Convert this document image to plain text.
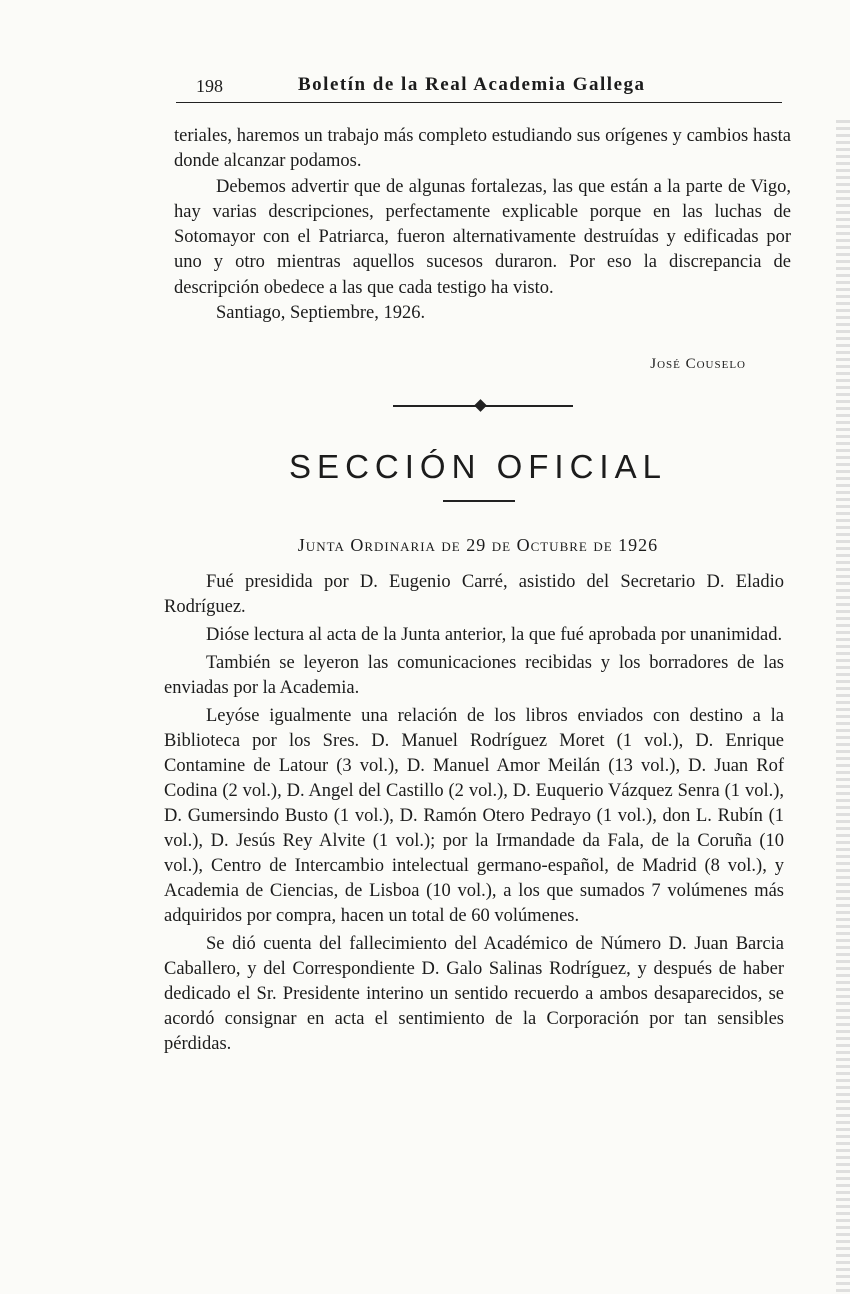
198	Boletín de la Real Academia Gallega

teriales, haremos un trabajo más completo estudiando sus orígenes y cambios hasta donde alcanzar podamos.

Debemos advertir que de algunas fortalezas, las que están a la parte de Vigo, hay varias descripciones, perfectamente explicable porque en las luchas de Sotomayor con el Patriarca, fueron alternativamente destruídas y edificadas por uno y otro mientras aquellos sucesos duraron. Por eso la discrepancia de descripción obedece a las que cada testigo ha visto.

Santiago, Septiembre, 1926.

José Couselo
SECCIÓN OFICIAL
Junta Ordinaria de 29 de Octubre de 1926

Fué presidida por D. Eugenio Carré, asistido del Secretario D. Eladio Rodríguez.

Dióse lectura al acta de la Junta anterior, la que fué aprobada por unanimidad.

También se leyeron las comunicaciones recibidas y los borradores de las enviadas por la Academia.

Leyóse igualmente una relación de los libros enviados con destino a la Biblioteca por los Sres. D. Manuel Rodríguez Moret (1 vol.), D. Enrique Contamine de Latour (3 vol.), D. Manuel Amor Meilán (13 vol.), D. Juan Rof Codina (2 vol.), D. Angel del Castillo (2 vol.), D. Euquerio Vázquez Senra (1 vol.), D. Gumersindo Busto (1 vol.), D. Ramón Otero Pedrayo (1 vol.), don L. Rubín (1 vol.), D. Jesús Rey Alvite (1 vol.); por la Irmandade da Fala, de la Coruña (10 vol.), Centro de Intercambio intelectual germano-español, de Madrid (8 vol.), y Academia de Ciencias, de Lisboa (10 vol.), a los que sumados 7 volúmenes más adquiridos por compra, hacen un total de 60 volúmenes.

Se dió cuenta del fallecimiento del Académico de Número D. Juan Barcia Caballero, y del Correspondiente D. Galo Salinas Rodríguez, y después de haber dedicado el Sr. Presidente interino un sentido recuerdo a ambos desaparecidos, se acordó consignar en acta el sentimiento de la Corporación por tan sensibles pérdidas.
